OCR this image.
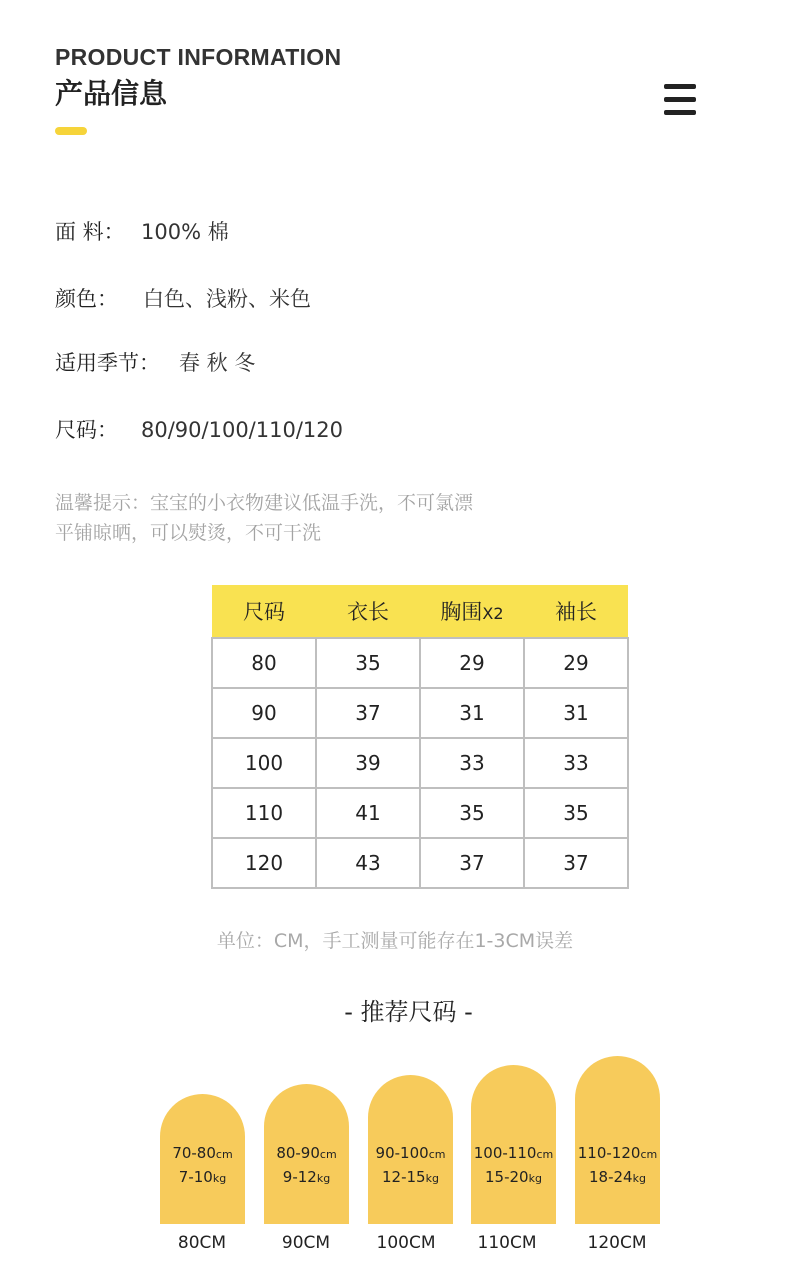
PRODUCT INFORMATION
产品信息
面 料： 100% 棉
颜色： 白色、浅粉、米色
适用季节： 春 秋 冬
尺码： 80/90/100/110/120
温馨提示：宝宝的小衣物建议低温手洗，不可氯漂
平铺晾晒，可以熨烫，不可干洗
尺码	衣长	胸围X2	袖长
80	35	29	29
90	37	31	31
100	39	33	33
110	41	35	35
120	43	37	37
单位：CM，手工测量可能存在1-3CM误差
- 推荐尺码 -
70-80cm
7-10kg
80-90cm
9-12kg
90-100cm
12-15kg
100-110cm
15-20kg
110-120cm
18-24kg
80CM	90CM	100CM	110CM	120CM
